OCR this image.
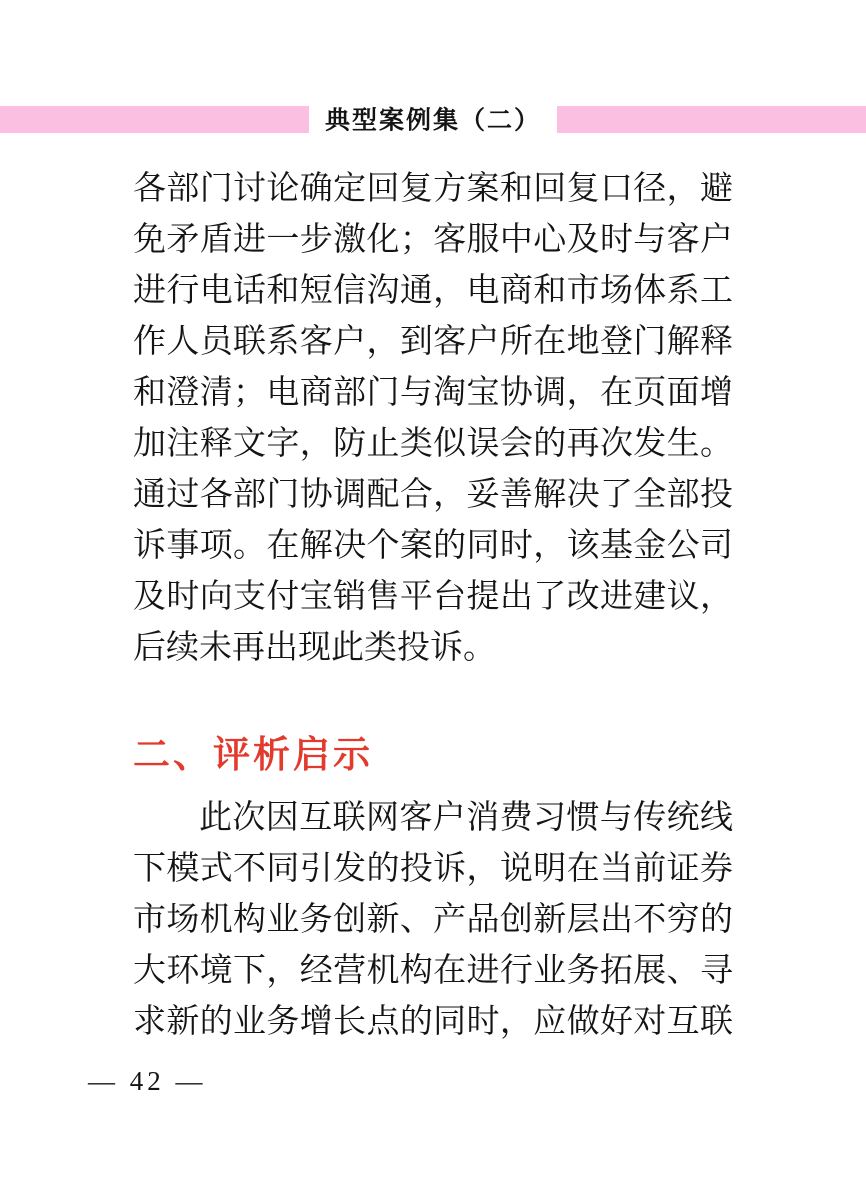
典型案例集（二）
各部门讨论确定回复方案和回复口径，避
免矛盾进一步激化；客服中心及时与客户
进行电话和短信沟通，电商和市场体系工
作人员联系客户，到客户所在地登门解释
和澄清；电商部门与淘宝协调，在页面增
加注释文字，防止类似误会的再次发生。
通过各部门协调配合，妥善解决了全部投
诉事项。在解决个案的同时，该基金公司
及时向支付宝销售平台提出了改进建议，
后续未再出现此类投诉。
二、评析启示
此次因互联网客户消费习惯与传统线
下模式不同引发的投诉，说明在当前证券
市场机构业务创新、产品创新层出不穷的
大环境下，经营机构在进行业务拓展、寻
求新的业务增长点的同时，应做好对互联
— 42 —
